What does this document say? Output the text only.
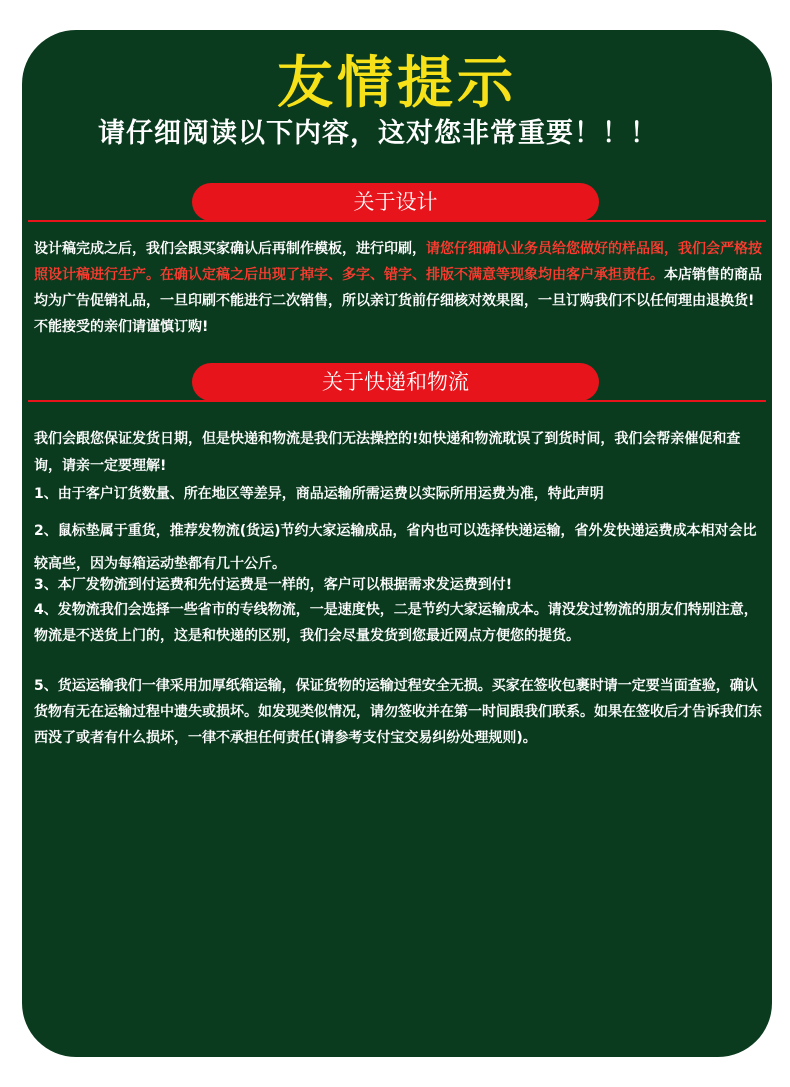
友情提示
请仔细阅读以下内容，这对您非常重要！！！
关于设计

设计稿完成之后，我们会跟买家确认后再制作模板，进行印刷，请您仔细确认业务员给您做好的样品图，我们会严格按照设计稿进行生产。在确认定稿之后出现了掉字、多字、错字、排版不满意等现象均由客户承担责任。本店销售的商品均为广告促销礼品，一旦印刷不能进行二次销售，所以亲订货前仔细核对效果图，一旦订购我们不以任何理由退换货!不能接受的亲们请谨慎订购!

关于快递和物流

我们会跟您保证发货日期，但是快递和物流是我们无法操控的!如快递和物流耽误了到货时间，我们会帮亲催促和查询，请亲一定要理解!

1、由于客户订货数量、所在地区等差异，商品运输所需运费以实际所用运费为准，特此声明

2、鼠标垫属于重货，推荐发物流(货运)节约大家运输成品，省内也可以选择快递运输，省外发快递运费成本相对会比较高些，因为每箱运动垫都有几十公斤。

3、本厂发物流到付运费和先付运费是一样的，客户可以根据需求发运费到付!

4、发物流我们会选择一些省市的专线物流，一是速度快，二是节约大家运输成本。请没发过物流的朋友们特别注意，物流是不送货上门的，这是和快递的区别，我们会尽量发货到您最近网点方便您的提货。

5、货运运输我们一律采用加厚纸箱运输，保证货物的运输过程安全无损。买家在签收包裹时请一定要当面查验，确认货物有无在运输过程中遗失或损坏。如发现类似情况，请勿签收并在第一时间跟我们联系。如果在签收后才告诉我们东西没了或者有什么损坏，一律不承担任何责任(请参考支付宝交易纠纷处理规则)。
